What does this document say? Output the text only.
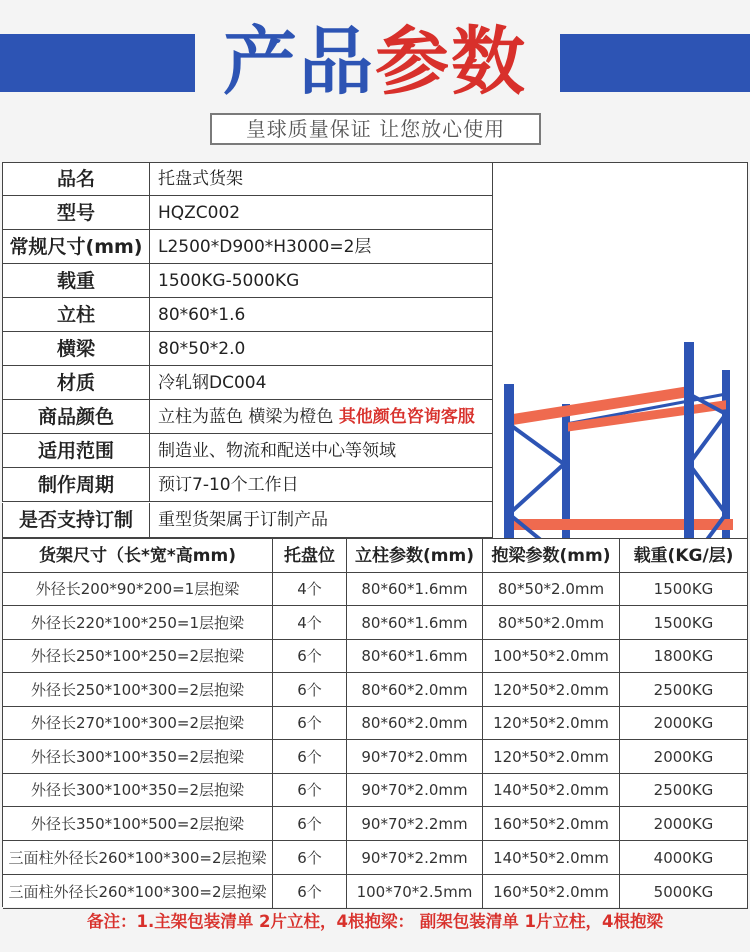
产品参数
皇球质量保证 让您放心使用
品名	托盘式货架
型号	HQZC002
常规尺寸(mm) L2500*D900*H3000=2层
载重	1500KG-5000KG
立柱	80*60*1.6
横梁	80*50*2.0
材质	冷轧钢DC004
商品颜色	立柱为蓝色 横梁为橙色 其他颜色咨询客服
适用范围	制造业、物流和配送中心等领域
制作周期	预订7-10个工作日
是否支持订制	重型货架属于订制产品
货架尺寸（长*宽*高mm)	托盘位	立柱参数(mm)	抱梁参数(mm)	载重(KG/层)
外径长200*90*200=1层抱梁	4个	80*60*1.6mm	80*50*2.0mm	1500KG
外径长220*100*250=1层抱梁	4个	80*60*1.6mm	80*50*2.0mm	1500KG
外径长250*100*250=2层抱梁	6个	80*60*1.6mm	100*50*2.0mm	1800KG
外径长250*100*300=2层抱梁	6个	80*60*2.0mm	120*50*2.0mm	2500KG
外径长270*100*300=2层抱梁	6个	80*60*2.0mm	120*50*2.0mm	2000KG
外径长300*100*350=2层抱梁	6个	90*70*2.0mm	120*50*2.0mm	2000KG
外径长300*100*350=2层抱梁	6个	90*70*2.0mm	140*50*2.0mm	2500KG
外径长350*100*500=2层抱梁	6个	90*70*2.2mm	160*50*2.0mm	2000KG
三面柱外径长260*100*300=2层抱梁	6个	90*70*2.2mm	140*50*2.0mm	4000KG
三面柱外径长260*100*300=2层抱梁	6个	100*70*2.5mm	160*50*2.0mm	5000KG
备注：1.主架包装清单 2片立柱，4根抱梁： 副架包装清单 1片立柱，4根抱梁
